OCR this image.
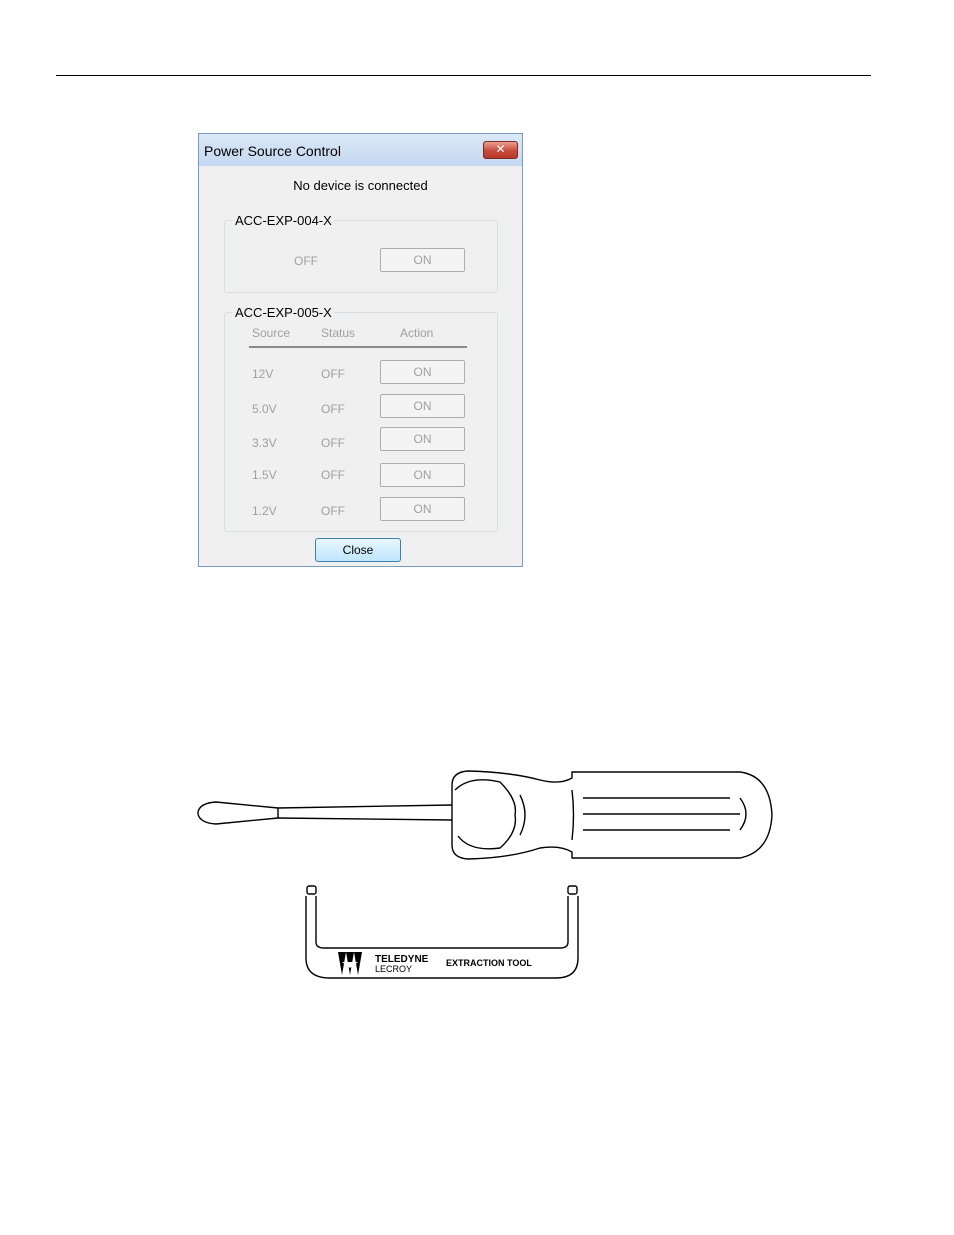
Power Source Control	✕
No device is connected
ACC-EXP-004-X
OFF	ON
ACC-EXP-005-X
Source	Status	Action
12V	OFF	ON
5.0V	OFF	ON
3.3V	OFF	ON
1.5V	OFF	ON
1.2V	OFF	ON
Close
TELEDYNE
LECROY
EXTRACTION TOOL
